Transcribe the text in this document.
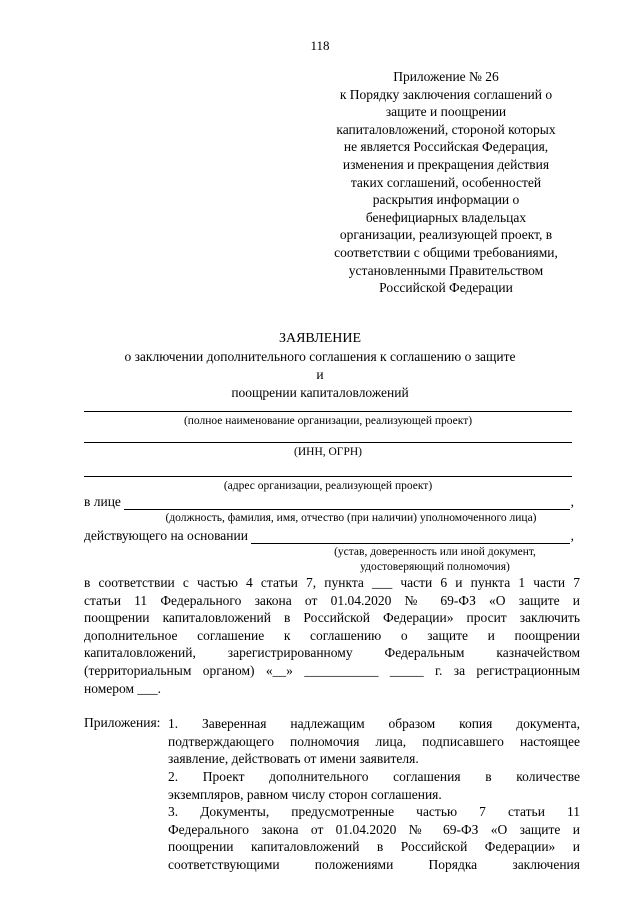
118
Приложение № 26
к Порядку заключения соглашений о
защите и поощрении
капиталовложений, стороной которых
не является Российская Федерация,
изменения и прекращения действия
таких соглашений, особенностей
раскрытия информации о
бенефициарных владельцах
организации, реализующей проект, в
соответствии с общими требованиями,
установленными Правительством
Российской Федерации
ЗАЯВЛЕНИЕ
о заключении дополнительного соглашения к соглашению о защите и
поощрении капиталовложений
(полное наименование организации, реализующей проект)
(ИНН, ОГРН)
(адрес организации, реализующей проект)
в лице	,
(должность, фамилия, имя, отчество (при наличии) уполномоченного лица)
действующего на основании	,
(устав, доверенность или иной документ,
удостоверяющий полномочия)
в соответствии с частью 4 статьи 7, пункта ___ части 6 и пункта 1 части 7
статьи 11 Федерального закона от 01.04.2020 № 69-ФЗ «О защите и
поощрении капиталовложений в Российской Федерации» просит заключить
дополнительное соглашение к соглашению о защите и поощрении
капиталовложений, зарегистрированному Федеральным казначейством
(территориальным органом) «__» ___________ _____ г. за регистрационным
номером ___.
Приложения: 1. Заверенная надлежащим образом копия документа,
подтверждающего полномочия лица, подписавшего настоящее
заявление, действовать от имени заявителя.
2. Проект дополнительного соглашения в количестве
экземпляров, равном числу сторон соглашения.
3. Документы, предусмотренные частью 7 статьи 11
Федерального закона от 01.04.2020 № 69-ФЗ «О защите и
поощрении капиталовложений в Российской Федерации» и
соответствующими положениями Порядка заключения
